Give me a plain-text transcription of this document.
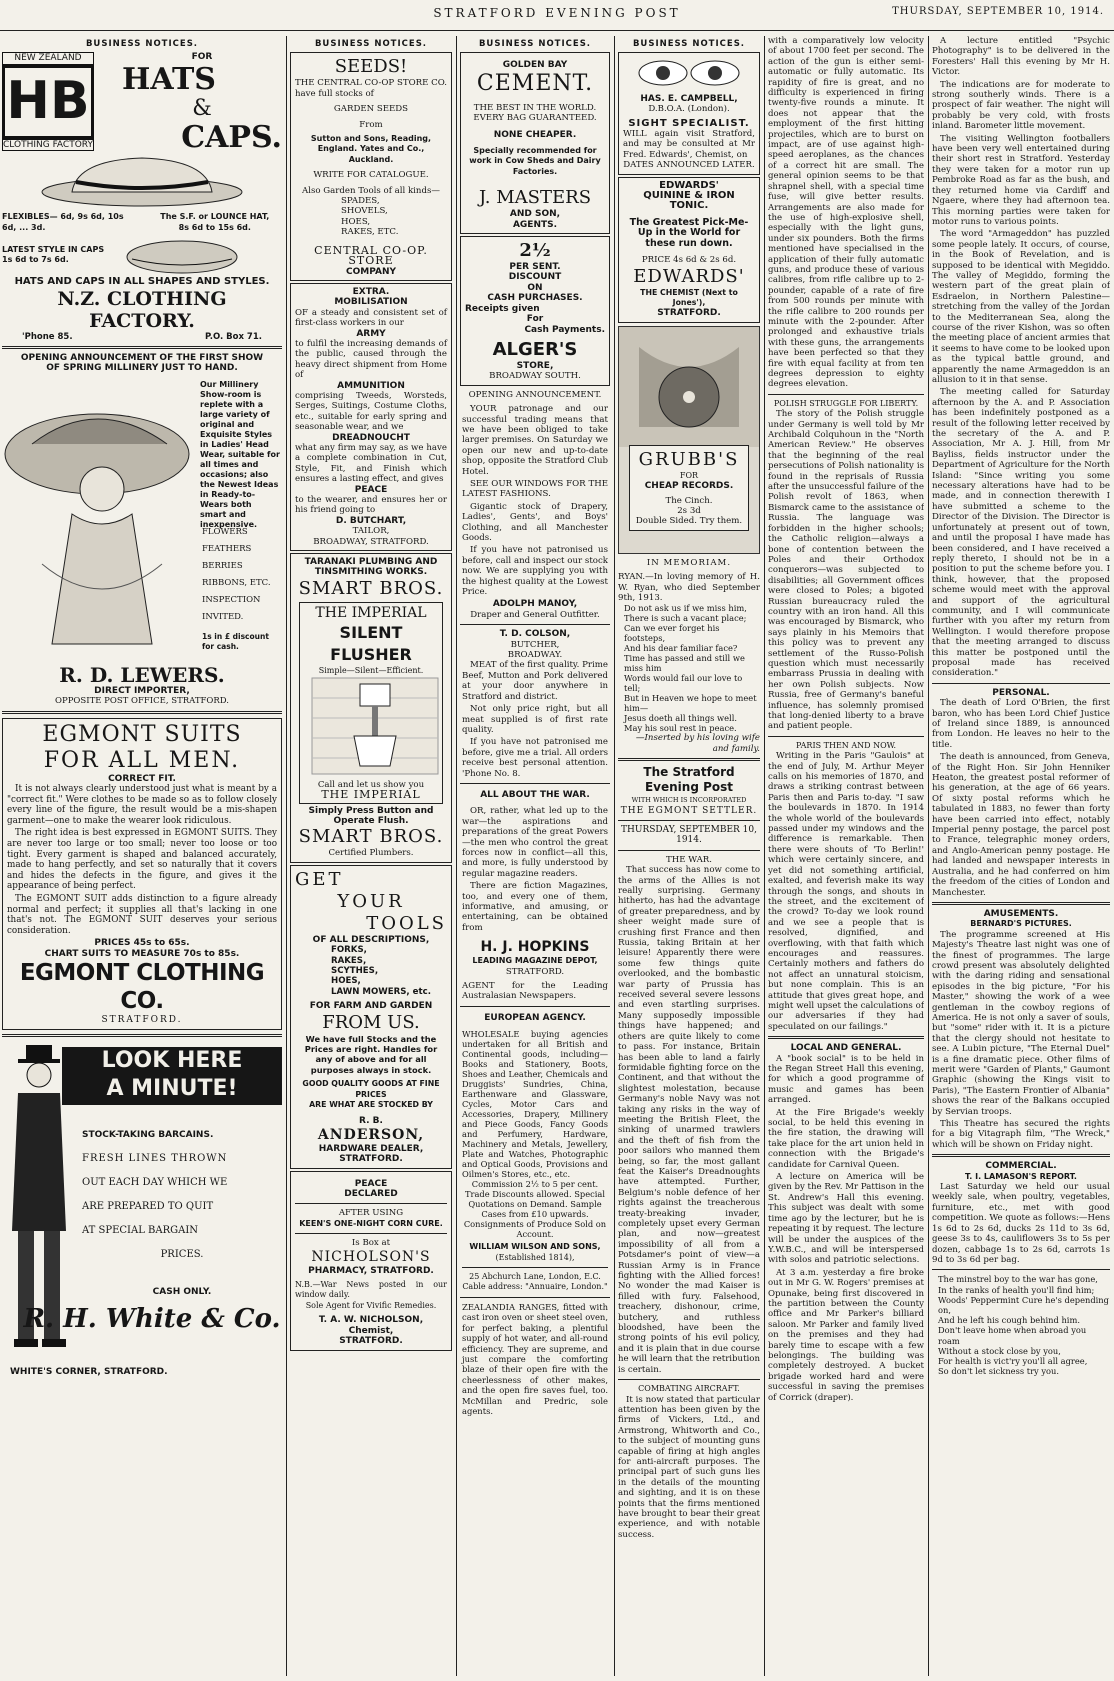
STRATFORD EVENING POST	THURSDAY, SEPTEMBER 10, 1914.
BUSINESS NOTICES.
NEW ZEALAND
HB
CLOTHING FACTORY
FOR
HATS
&
CAPS.
FLEXIBLES— 6d, 9s 6d, 10s 6d, ... 3d.
The S.F. or LOUNCE HAT,
8s 6d to 15s 6d.
LATEST STYLE IN CAPS
1s 6d to 7s 6d.
HATS AND CAPS IN ALL SHAPES AND STYLES.
N.Z. CLOTHING FACTORY.
'Phone 85.	P.O. Box 71.
OPENING ANNOUNCEMENT OF THE FIRST SHOW
OF SPRING MILLINERY JUST TO HAND.
Our Millinery Show-room is replete with a large variety of original and Exquisite Styles in Ladies' Head Wear, suitable for all times and occasions; also the Newest Ideas in Ready-to-Wears both smart and inexpensive.
FLOWERS
FEATHERS
BERRIES
RIBBONS, ETC.
INSPECTION
INVITED.
1s in £ discount for cash.
R. D. LEWERS.
DIRECT IMPORTER,
OPPOSITE POST OFFICE, STRATFORD.
EGMONT SUITS
FOR ALL MEN.
CORRECT FIT.

It is not always clearly understood just what is meant by a "correct fit." Were clothes to be made so as to follow closely every line of the figure, the result would be a mis-shapen garment—one to make the wearer look ridiculous.

The right idea is best expressed in EGMONT SUITS. They are never too large or too small; never too loose or too tight. Every garment is shaped and balanced accurately, made to hang perfectly, and set so naturally that it covers and hides the defects in the figure, and gives it the appearance of being perfect.

The EGMONT SUIT adds distinction to a figure already normal and perfect; it supplies all that's lacking in one that's not. The EGMONT SUIT deserves your serious consideration.

PRICES 45s to 65s.
CHART SUITS TO MEASURE 70s to 85s.
EGMONT CLOTHING CO.
STRATFORD.
LOOK HERE
A MINUTE!
STOCK-TAKING BARCAINS.
FRESH LINES THROWN
OUT EACH DAY WHICH WE
ARE PREPARED TO QUIT
AT SPECIAL BARGAIN
PRICES.
CASH ONLY.
R. H. White & Co.
WHITE'S CORNER, STRATFORD.
BUSINESS NOTICES.
SEEDS!
THE CENTRAL CO-OP STORE CO. have full stocks of
GARDEN SEEDS
From
Sutton and Sons, Reading, England. Yates and Co., Auckland.
WRITE FOR CATALOGUE.
Also Garden Tools of all kinds—
SPADES,
SHOVELS,
HOES,
RAKES, ETC.
CENTRAL CO-OP. STORE
COMPANY
EXTRA.
MOBILISATION
OF a steady and consistent set of first-class workers in our
ARMY
to fulfil the increasing demands of the public, caused through the heavy direct shipment from Home of
AMMUNITION
comprising Tweeds, Worsteds, Serges, Suitings, Costume Cloths, etc., suitable for early spring and seasonable wear, and we
DREADNOUCHT
what any firm may say, as we have a complete combination in Cut, Style, Fit, and Finish which ensures a lasting effect, and gives
PEACE
to the wearer, and ensures her or his friend going to
D. BUTCHART,
TAILOR,
BROADWAY, STRATFORD.
TARANAKI PLUMBING AND TINSMITHING WORKS.
SMART BROS.
THE IMPERIAL
SILENT FLUSHER
Simple—Silent—Efficient.
Call and let us show you
THE IMPERIAL
Simply Press Button and Operate Flush.
SMART BROS.
Certified Plumbers.
GET
YOUR
TOOLS
OF ALL DESCRIPTIONS,
FORKS,
RAKES,
SCYTHES,
HOES,
LAWN MOWERS, etc.
FOR FARM AND GARDEN
FROM US.
We have full Stocks and the Prices are right. Handles for any of above and for all purposes always in stock.
GOOD QUALITY GOODS AT FINE PRICES
ARE WHAT ARE STOCKED BY
R. B.
ANDERSON,
HARDWARE DEALER,
STRATFORD.
PEACE
DECLARED
AFTER USING
KEEN'S ONE-NIGHT CORN CURE.
Is Box at
NICHOLSON'S
PHARMACY, STRATFORD.
N.B.—War News posted in our window daily.
Sole Agent for Vivific Remedies.
T. A. W. NICHOLSON,
Chemist,
STRATFORD.
BUSINESS NOTICES.
GOLDEN BAY
CEMENT.
THE BEST IN THE WORLD.
EVERY BAG GUARANTEED.
NONE CHEAPER.
Specially recommended for work in Cow Sheds and Dairy Factories.
J. MASTERS
AND SON,
AGENTS.
2½
PER SENT.
DISCOUNT
ON
CASH PURCHASES.
Receipts given
For
Cash Payments.
ALGER'S
STORE,
BROADWAY SOUTH.
OPENING ANNOUNCEMENT.

YOUR patronage and our successful trading means that we have been obliged to take larger premises. On Saturday we open our new and up-to-date shop, opposite the Stratford Club Hotel.

SEE OUR WINDOWS FOR THE LATEST FASHIONS.

Gigantic stock of Drapery, Ladies', Gents', and Boys' Clothing, and all Manchester Goods.

If you have not patronised us before, call and inspect our stock now. We are supplying you with the highest quality at the Lowest Price.

ADOLPH MANOY,
Draper and General Outfitter.
T. D. COLSON,
BUTCHER,
BROADWAY.

MEAT of the first quality. Prime Beef, Mutton and Pork delivered at your door anywhere in Stratford and district.

Not only price right, but all meat supplied is of first rate quality.

If you have not patronised me before, give me a trial. All orders receive best personal attention. 'Phone No. 8.

ALL ABOUT THE WAR.

OR, rather, what led up to the war—the aspirations and preparations of the great Powers—the men who control the great forces now in conflict—all this, and more, is fully understood by regular magazine readers.

There are fiction Magazines, too, and every one of them, informative, and amusing, or entertaining, can be obtained from

H. J. HOPKINS
LEADING MAGAZINE DEPOT,
STRATFORD.
AGENT for the Leading Australasian Newspapers.
EUROPEAN AGENCY.
WHOLESALE buying agencies undertaken for all British and Continental goods, including—Books and Stationery, Boots, Shoes and Leather, Chemicals and Druggists' Sundries, China, Earthenware and Glassware, Cycles, Motor Cars and Accessories, Drapery, Millinery and Piece Goods, Fancy Goods and Perfumery, Hardware, Machinery and Metals, Jewellery, Plate and Watches, Photographic and Optical Goods, Provisions and Oilmen's Stores, etc., etc.
Commission 2½ to 5 per cent. Trade Discounts allowed. Special Quotations on Demand. Sample Cases from £10 upwards. Consignments of Produce Sold on Account.
WILLIAM WILSON AND SONS,
(Established 1814),
25 Abchurch Lane, London, E.C.
Cable address: "Annuaire, London."
ZEALANDIA RANGES, fitted with cast iron oven or sheet steel oven, for perfect baking, a plentiful supply of hot water, and all-round efficiency. They are supreme, and just compare the comforting blaze of their open fire with the cheerlessness of other makes, and the open fire saves fuel, too. McMillan and Predric, sole agents.
BUSINESS NOTICES.
HAS. E. CAMPBELL,
D.B.O.A. (London).
SIGHT SPECIALIST.
WILL again visit Stratford, and may be consulted at Mr Fred. Edwards', Chemist, on
DATES ANNOUNCED LATER.
EDWARDS'
QUININE & IRON
TONIC.
The Greatest Pick-Me-Up in the World for these run down.
PRICE 4s 6d & 2s 6d.
EDWARDS'
THE CHEMIST (Next to Jones'),
STRATFORD.
GRUBB'S
FOR
CHEAP RECORDS.
The Cinch.
2s 3d
Double Sided. Try them.
IN MEMORIAM.
RYAN.—In loving memory of H. W. Ryan, who died September 9th, 1913.
Do not ask us if we miss him,
There is such a vacant place;
Can we ever forget his footsteps,
And his dear familiar face?
Time has passed and still we miss him
Words would fail our love to tell;
But in Heaven we hope to meet him—
Jesus doeth all things well.
May his soul rest in peace.
—Inserted by his loving wife and family.
The Stratford Evening Post
WITH WHICH IS INCORPORATED
THE EGMONT SETTLER.
THURSDAY, SEPTEMBER 10, 1914.
THE WAR.
That success has now come to the arms of the Allies is not really surprising. Germany hitherto, has had the advantage of greater preparedness, and by sheer weight made sure of crushing first France and then Russia, taking Britain at her leisure! Apparently there were some few things quite overlooked, and the bombastic war party of Prussia has received several severe lessons and even startling surprises. Many supposedly impossible things have happened; and others are quite likely to come to pass. For instance, Britain has been able to land a fairly formidable fighting force on the Continent, and that without the slightest molestation, because Germany's noble Navy was not taking any risks in the way of meeting the British Fleet, the sinking of unarmed trawlers and the theft of fish from the poor sailors who manned them being, so far, the most gallant feat the Kaiser's Dreadnoughts have attempted. Further, Belgium's noble defence of her rights against the treacherous treaty-breaking invader, completely upset every German plan, and now—greatest impossibility of all from a Potsdamer's point of view—a Russian Army is in France fighting with the Allied forces! No wonder the mad Kaiser is filled with fury. Falsehood, treachery, dishonour, crime, butchery, and ruthless bloodshed, have been the strong points of his evil policy, and it is plain that in due course he will learn that the retribution is certain.
COMBATING AIRCRAFT.
It is now stated that particular attention has been given by the firms of Vickers, Ltd., and Armstrong, Whitworth and Co., to the subject of mounting guns capable of firing at high angles for anti-aircraft purposes. The principal part of such guns lies in the details of the mounting and sighting, and it is on these points that the firms mentioned have brought to bear their great experience, and with notable success.
with a comparatively low velocity of about 1700 feet per second. The action of the gun is either semi-automatic or fully automatic. Its rapidity of fire is great, and no difficulty is experienced in firing twenty-five rounds a minute. It does not appear that the employment of the first hitting projectiles, which are to burst on impact, are of use against high-speed aeroplanes, as the chances of a correct hit are small. The general opinion seems to be that shrapnel shell, with a special time fuse, will give better results. Arrangements are also made for the use of high-explosive shell, especially with the light guns, under six pounders. Both the firms mentioned have specialised in the application of their fully automatic guns, and produce these of various calibres, from rifle calibre up to 2-pounder, capable of a rate of fire from 500 rounds per minute with the rifle calibre to 200 rounds per minute with the 2-pounder. After prolonged and exhaustive trials with these guns, the arrangements have been perfected so that they fire with equal facility at from ten degrees depression to eighty degrees elevation.
POLISH STRUGGLE FOR LIBERTY.
The story of the Polish struggle under Germany is well told by Mr Archibald Colquhoun in the "North American Review." He observes that the beginning of the real persecutions of Polish nationality is found in the reprisals of Russia after the unsuccessful failure of the Polish revolt of 1863, when Bismarck came to the assistance of Russia. The language was forbidden in the higher schools; the Catholic religion—always a bone of contention between the Poles and their Orthodox conquerors—was subjected to disabilities; all Government offices were closed to Poles; a bigoted Russian bureaucracy ruled the country with an iron hand. All this was encouraged by Bismarck, who says plainly in his Memoirs that this policy was to prevent any settlement of the Russo-Polish question which must necessarily embarrass Prussia in dealing with her own Polish subjects. Now Russia, free of Germany's baneful influence, has solemnly promised that long-denied liberty to a brave and patient people.
PARIS THEN AND NOW.
Writing in the Paris "Gaulois" at the end of July, M. Arthur Meyer calls on his memories of 1870, and draws a striking contrast between Paris then and Paris to-day. "I saw the boulevards in 1870. In 1914 the whole world of the boulevards passed under my windows and the difference is remarkable. Then there were shouts of 'To Berlin!' which were certainly sincere, and yet did not something artificial, exalted, and feverish make its way through the songs, and shouts in the street, and the excitement of the crowd? To-day we look round and we see a people that is resolved, dignified, and overflowing, with that faith which encourages and reassures. Certainly mothers and fathers do not affect an unnatural stoicism, but none complain. This is an attitude that gives great hope, and might well upset the calculations of our adversaries if they had speculated on our failings."
LOCAL AND GENERAL.

A "book social" is to be held in the Regan Street Hall this evening, for which a good programme of music and games has been arranged.

At the Fire Brigade's weekly social, to be held this evening in the fire station, the drawing will take place for the art union held in connection with the Brigade's candidate for Carnival Queen.

A lecture on America will be given by the Rev. Mr Pattison in the St. Andrew's Hall this evening. This subject was dealt with some time ago by the lecturer, but he is repeating it by request. The lecture will be under the auspices of the Y.W.B.C., and will be interspersed with solos and patriotic selections.

At 3 a.m. yesterday a fire broke out in Mr G. W. Rogers' premises at Opunake, being first discovered in the partition between the County office and Mr Parker's billiard saloon. Mr Parker and family lived on the premises and they had barely time to escape with a few belongings. The building was completely destroyed. A bucket brigade worked hard and were successful in saving the premises of Corrick (draper).

A lecture entitled "Psychic Photography" is to be delivered in the Foresters' Hall this evening by Mr H. Victor.

The indications are for moderate to strong southerly winds. There is a prospect of fair weather. The night will probably be very cold, with frosts inland. Barometer little movement.

The visiting Wellington footballers have been very well entertained during their short rest in Stratford. Yesterday they were taken for a motor run up Pembroke Road as far as the bush, and they returned home via Cardiff and Ngaere, where they had afternoon tea. This morning parties were taken for motor runs to various points.

The word "Armageddon" has puzzled some people lately. It occurs, of course, in the Book of Revelation, and is supposed to be identical with Megiddo. The valley of Megiddo, forming the western part of the great plain of Esdraelon, in Northern Palestine—stretching from the valley of the Jordan to the Mediterranean Sea, along the course of the river Kishon, was so often the meeting place of ancient armies that it seems to have come to be looked upon as the typical battle ground, and apparently the name Armageddon is an allusion to it in that sense.

The meeting called for Saturday afternoon by the A. and P. Association has been indefinitely postponed as a result of the following letter received by the secretary of the A. and P. Association, Mr A. J. Hill, from Mr Bayliss, fields instructor under the Department of Agriculture for the North Island: "Since writing you some necessary alterations have had to be made, and in connection therewith I have submitted a scheme to the Director of the Division. The Director is unfortunately at present out of town, and until the proposal I have made has been considered, and I have received a reply thereto, I should not be in a position to put the scheme before you. I think, however, that the proposed scheme would meet with the approval and support of the agricultural community, and I will communicate further with you after my return from Wellington. I would therefore propose that the meeting arranged to discuss this matter be postponed until the proposal made has received consideration."

PERSONAL.

The death of Lord O'Brien, the first baron, who has been Lord Chief Justice of Ireland since 1889, is announced from London. He leaves no heir to the title.

The death is announced, from Geneva, of the Right Hon. Sir John Henniker Heaton, the greatest postal reformer of his generation, at the age of 66 years. Of sixty postal reforms which he tabulated in 1883, no fewer than forty have been carried into effect, notably Imperial penny postage, the parcel post to France, telegraphic money orders, and Anglo-American penny postage. He had landed and newspaper interests in Australia, and he had conferred on him the freedom of the cities of London and Manchester.

AMUSEMENTS.
BERNARD'S PICTURES.

The programme screened at His Majesty's Theatre last night was one of the finest of programmes. The large crowd present was absolutely delighted with the daring riding and sensational episodes in the big picture, "For his Master," showing the work of a wee gentleman in the cowboy regions of America. He is not only a saver of souls, but "some" rider with it. It is a picture that the clergy should not hesitate to see. A Lubin picture, "The Eternal Duel" is a fine dramatic piece. Other films of merit were "Garden of Plants," Gaumont Graphic (showing the Kings visit to Paris), "The Eastern Frontier of Albania" shows the rear of the Balkans occupied by Servian troops.

This Theatre has secured the rights for a big Vitagraph film, "The Wreck," which will be shown on Friday night.

COMMERCIAL.
T. I. LAMASON'S REPORT.

Last Saturday we held our usual weekly sale, when poultry, vegetables, furniture, etc., met with good competition. We quote as follows:—Hens 1s 6d to 2s 6d, ducks 2s 11d to 3s 6d, geese 3s to 4s, cauliflowers 3s to 5s per dozen, cabbage 1s to 2s 6d, carrots 1s 9d to 3s 6d per bag.

The minstrel boy to the war has gone,
In the ranks of health you'll find him;
Woods' Peppermint Cure he's depending on,
And he left his cough behind him.
Don't leave home when abroad you roam
Without a stock close by you,
For health is vict'ry you'll all agree,
So don't let sickness try you.
